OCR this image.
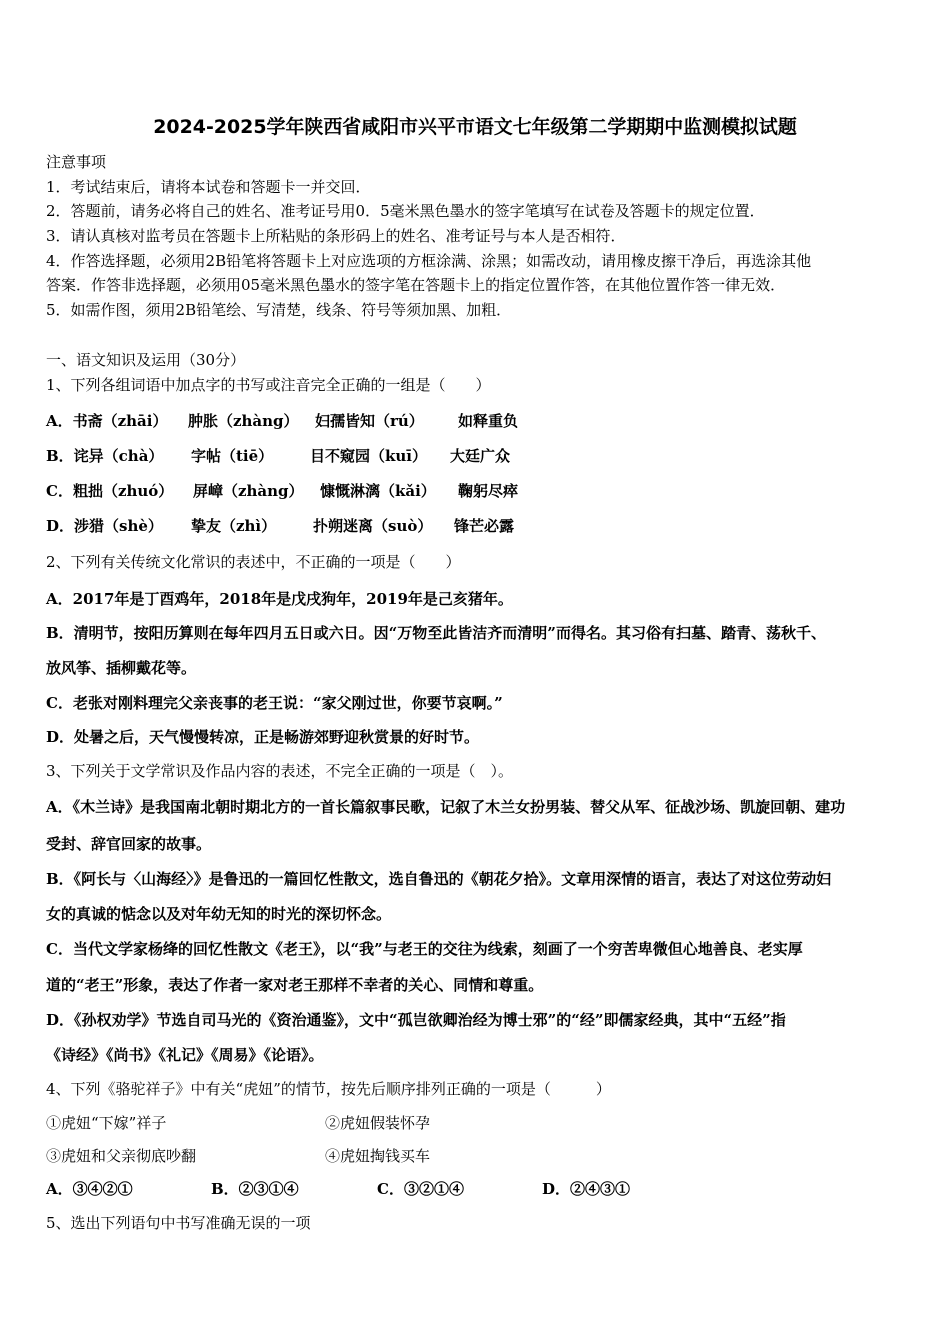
2024-2025学年陕西省咸阳市兴平市语文七年级第二学期期中监测模拟试题
注意事项
1．考试结束后，请将本试卷和答题卡一并交回．
2．答题前，请务必将自己的姓名、准考证号用0．5毫米黑色墨水的签字笔填写在试卷及答题卡的规定位置．
3．请认真核对监考员在答题卡上所粘贴的条形码上的姓名、准考证号与本人是否相符．
4．作答选择题，必须用2B铅笔将答题卡上对应选项的方框涂满、涂黑；如需改动，请用橡皮擦干净后，再选涂其他
答案．作答非选择题，必须用05毫米黑色墨水的签字笔在答题卡上的指定位置作答，在其他位置作答一律无效．
5．如需作图，须用2B铅笔绘、写清楚，线条、符号等须加黑、加粗．
一、语文知识及运用（30分）
1、下列各组词语中加点字的书写或注音完全正确的一组是（　　）
A．书斋（zhāi） 肿胀（zhàng） 妇孺皆知（rú） 如释重负
B．诧异（chà） 字帖（tiē） 目不窥园（kuī） 大廷广众
C．粗拙（zhuó） 屏嶂（zhàng） 慷慨淋漓（kǎi） 鞠躬尽瘁
D．涉猎（shè） 挚友（zhì） 扑朔迷离（suò） 锋芒必露
2、下列有关传统文化常识的表述中，不正确的一项是（　　）
A．2017年是丁酉鸡年，2018年是戊戌狗年，2019年是己亥猪年。
B．清明节，按阳历算则在每年四月五日或六日。因“万物至此皆洁齐而清明”而得名。其习俗有扫墓、踏青、荡秋千、
放风筝、插柳戴花等。
C．老张对刚料理完父亲丧事的老王说：“家父刚过世，你要节哀啊。”
D．处暑之后，天气慢慢转凉，正是畅游郊野迎秋赏景的好时节。
3、下列关于文学常识及作品内容的表述，不完全正确的一项是（　）。
A．《木兰诗》是我国南北朝时期北方的一首长篇叙事民歌，记叙了木兰女扮男装、替父从军、征战沙场、凯旋回朝、建功
受封、辞官回家的故事。
B．《阿长与〈山海经〉》是鲁迅的一篇回忆性散文，选自鲁迅的《朝花夕拾》。文章用深情的语言，表达了对这位劳动妇
女的真诚的惦念以及对年幼无知的时光的深切怀念。
C．当代文学家杨绛的回忆性散文《老王》，以“我”与老王的交往为线索，刻画了一个穷苦卑微但心地善良、老实厚
道的“老王”形象，表达了作者一家对老王那样不幸者的关心、同情和尊重。
D．《孙权劝学》节选自司马光的《资治通鉴》，文中“孤岂欲卿治经为博士邪”的“经”即儒家经典，其中“五经”指
《诗经》《尚书》《礼记》《周易》《论语》。
4、下列《骆驼祥子》中有关“虎妞”的情节，按先后顺序排列正确的一项是（　　　）
①虎妞“下嫁”祥子	②虎妞假装怀孕
③虎妞和父亲彻底吵翻	④虎妞掏钱买车
A．③④②①	B．②③①④	C．③②①④	D．②④③①
5、选出下列语句中书写准确无误的一项
